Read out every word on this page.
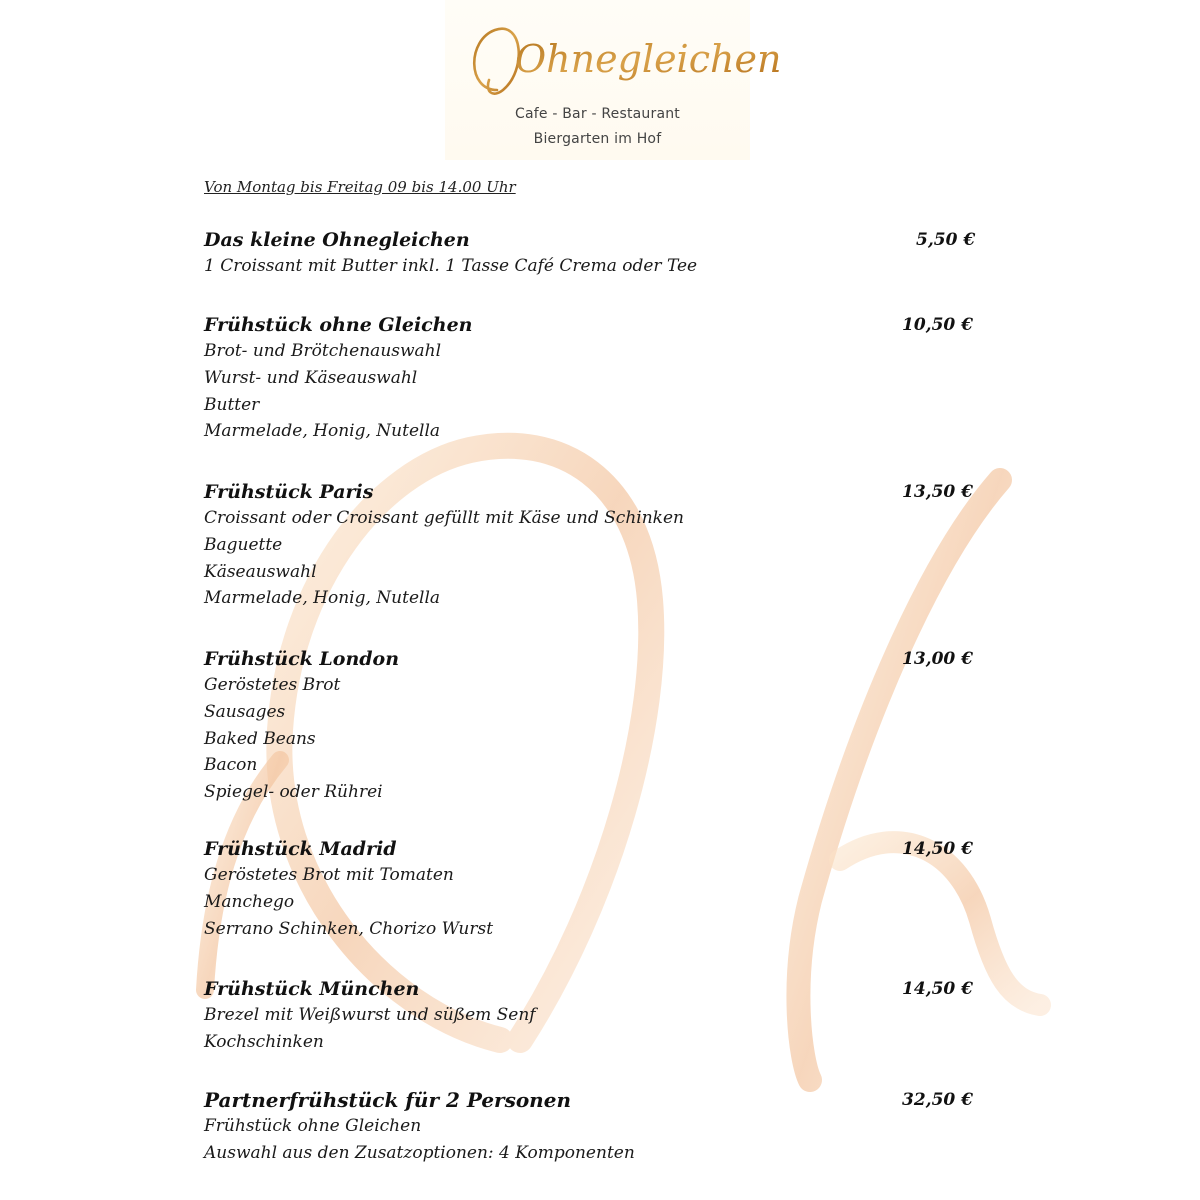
Ohnegleichen
Cafe - Bar - Restaurant
Biergarten im Hof
Von Montag bis Freitag 09 bis 14.00 Uhr
Das kleine Ohnegleichen	5,50 €
1 Croissant mit Butter inkl. 1 Tasse Café Crema oder Tee
Frühstück ohne Gleichen	10,50 €
Brot- und Brötchenauswahl
Wurst- und Käseauswahl
Butter
Marmelade, Honig, Nutella
Frühstück Paris	13,50 €
Croissant oder Croissant gefüllt mit Käse und Schinken
Baguette
Käseauswahl
Marmelade, Honig, Nutella
Frühstück London	13,00 €
Geröstetes Brot
Sausages
Baked Beans
Bacon
Spiegel- oder Rührei
Frühstück Madrid	14,50 €
Geröstetes Brot mit Tomaten
Manchego
Serrano Schinken, Chorizo Wurst
Frühstück München	14,50 €
Brezel mit Weißwurst und süßem Senf
Kochschinken
Partnerfrühstück für 2 Personen	32,50 €
Frühstück ohne Gleichen
Auswahl aus den Zusatzoptionen: 4 Komponenten
